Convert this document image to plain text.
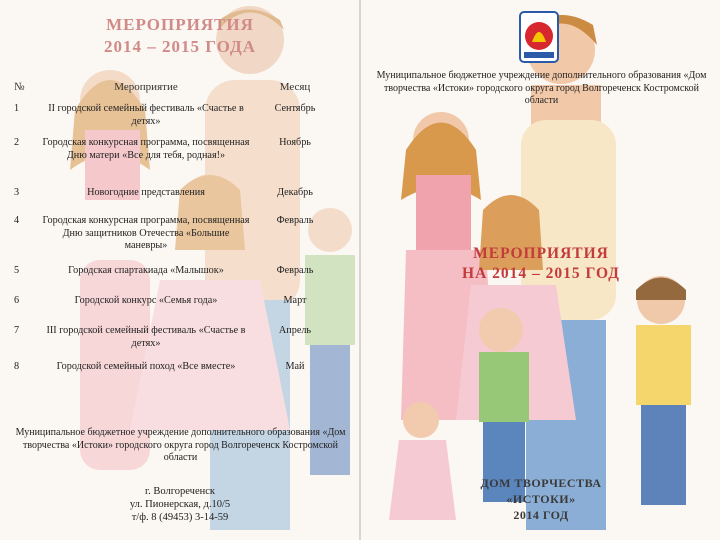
МЕРОПРИЯТИЯ
2014 – 2015 ГОДА
№	Мероприятие	Месяц
1	II городской семейный фестиваль «Счастье в детях»	Сентябрь
2	Городская конкурсная программа, посвященная Дню матери «Все для тебя, родная!»	Ноябрь
3	Новогодние представления	Декабрь
4	Городская конкурсная программа, посвященная Дню защитников Отечества «Большие маневры»	Февраль
5	Городская спартакиада «Малышок»	Февраль
6	Городской конкурс «Семья года»	Март
7	III городской семейный фестиваль «Счастье в детях»	Апрель
8	Городской семейный поход «Все вместе»	Май
Муниципальное бюджетное учреждение дополнительного образования «Дом творчества «Истоки» городского округа город Волгореченск Костромской области
г. Волгореченск
ул. Пионерская, д.10/5
т/ф. 8 (49453) 3-14-59
Муниципальное бюджетное учреждение дополнительного образования «Дом творчества «Истоки» городского округа город Волгореченск Костромской области
МЕРОПРИЯТИЯ
НА 2014 – 2015 ГОД
ДОМ ТВОРЧЕСТВА
«ИСТОКИ»
2014 ГОД
